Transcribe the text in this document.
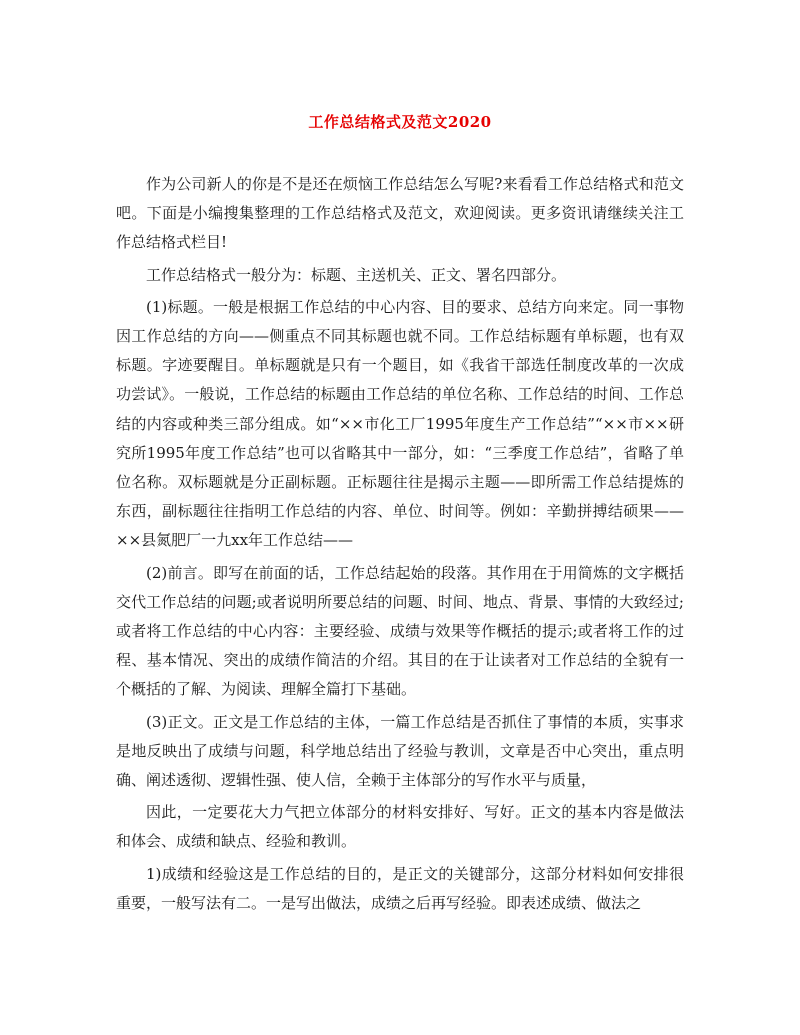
工作总结格式及范文2020

作为公司新人的你是不是还在烦恼工作总结怎么写呢?来看看工作总结格式和范文吧。下面是小编搜集整理的工作总结格式及范文，欢迎阅读。更多资讯请继续关注工作总结格式栏目!

工作总结格式一般分为：标题、主送机关、正文、署名四部分。

(1)标题。一般是根据工作总结的中心内容、目的要求、总结方向来定。同一事物因工作总结的方向——侧重点不同其标题也就不同。工作总结标题有单标题，也有双标题。字迹要醒目。单标题就是只有一个题目，如《我省干部选任制度改革的一次成功尝试》。一般说，工作总结的标题由工作总结的单位名称、工作总结的时间、工作总结的内容或种类三部分组成。如“××市化工厂1995年度生产工作总结”“××市××研究所1995年度工作总结”也可以省略其中一部分，如：“三季度工作总结”，省略了单位名称。双标题就是分正副标题。正标题往往是揭示主题——即所需工作总结提炼的东西，副标题往往指明工作总结的内容、单位、时间等。例如：辛勤拼搏结硕果——××县氮肥厂一九xx年工作总结——

(2)前言。即写在前面的话，工作总结起始的段落。其作用在于用简炼的文字概括交代工作总结的问题;或者说明所要总结的问题、时间、地点、背景、事情的大致经过;或者将工作总结的中心内容：主要经验、成绩与效果等作概括的提示;或者将工作的过程、基本情况、突出的成绩作简洁的介绍。其目的在于让读者对工作总结的全貌有一个概括的了解、为阅读、理解全篇打下基础。

(3)正文。正文是工作总结的主体，一篇工作总结是否抓住了事情的本质，实事求是地反映出了成绩与问题，科学地总结出了经验与教训，文章是否中心突出，重点明确、阐述透彻、逻辑性强、使人信，全赖于主体部分的写作水平与质量，

因此，一定要花大力气把立体部分的材料安排好、写好。正文的基本内容是做法和体会、成绩和缺点、经验和教训。

1)成绩和经验这是工作总结的目的，是正文的关键部分，这部分材料如何安排很重要，一般写法有二。一是写出做法，成绩之后再写经验。即表述成绩、做法之
